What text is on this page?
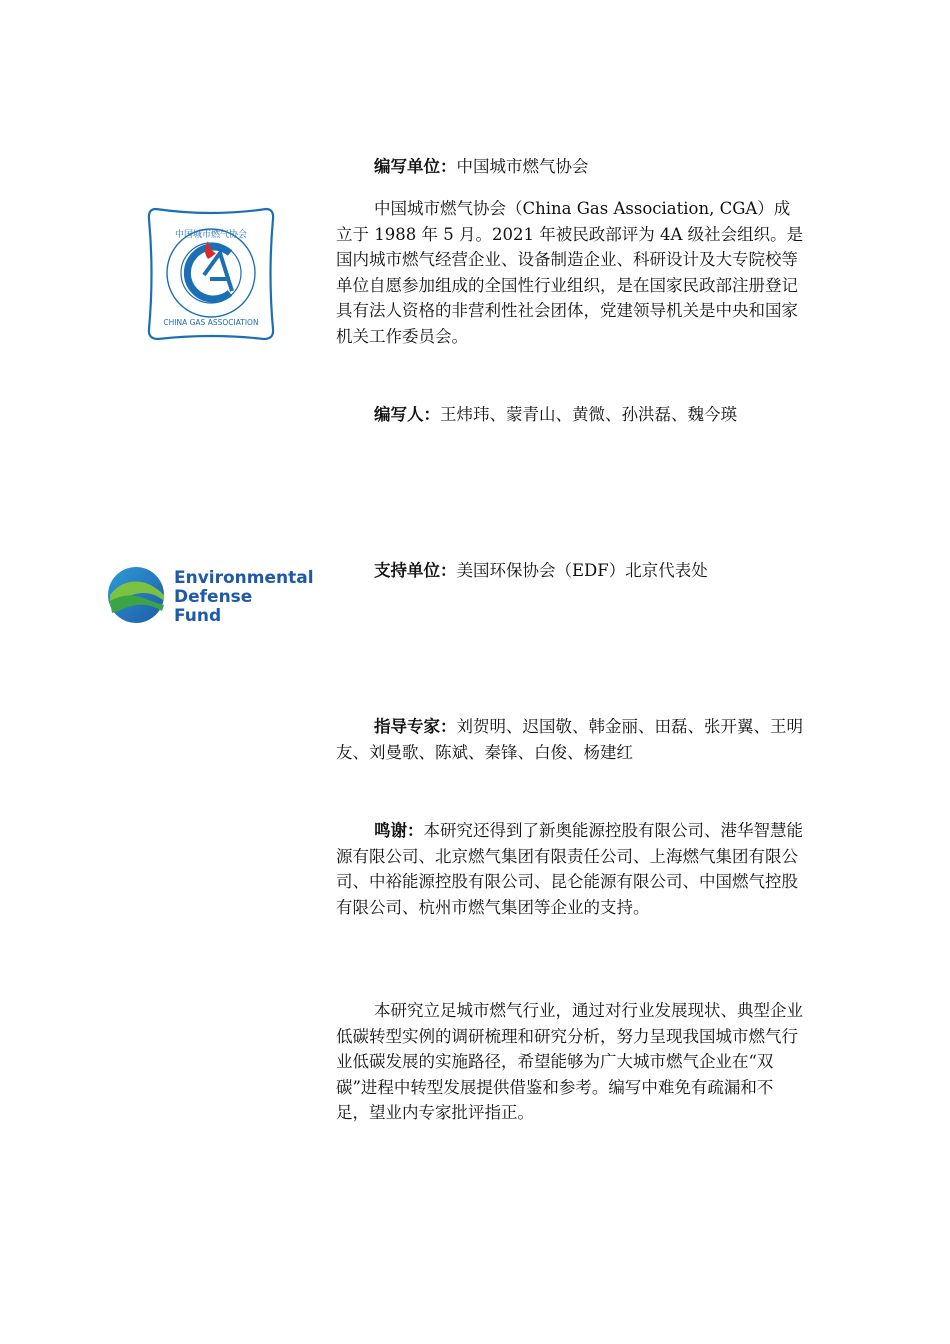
中国城市燃气协会
CHINA GAS ASSOCIATION
Environmental
Defense
Fund

编写单位：中国城市燃气协会

中国城市燃气协会（China Gas Association, CGA）成立于 1988 年 5 月。2021 年被民政部评为 4A 级社会组织。是国内城市燃气经营企业、设备制造企业、科研设计及大专院校等单位自愿参加组成的全国性行业组织，是在国家民政部注册登记具有法人资格的非营利性社会团体，党建领导机关是中央和国家机关工作委员会。

编写人：王炜玮、蒙青山、黄微、孙洪磊、魏今瑛

支持单位：美国环保协会（EDF）北京代表处

指导专家：刘贺明、迟国敬、韩金丽、田磊、张开翼、王明友、刘曼歌、陈斌、秦锋、白俊、杨建红

鸣谢：本研究还得到了新奥能源控股有限公司、港华智慧能源有限公司、北京燃气集团有限责任公司、上海燃气集团有限公司、中裕能源控股有限公司、昆仑能源有限公司、中国燃气控股有限公司、杭州市燃气集团等企业的支持。

本研究立足城市燃气行业，通过对行业发展现状、典型企业低碳转型实例的调研梳理和研究分析，努力呈现我国城市燃气行业低碳发展的实施路径，希望能够为广大城市燃气企业在“双碳”进程中转型发展提供借鉴和参考。编写中难免有疏漏和不足，望业内专家批评指正。
